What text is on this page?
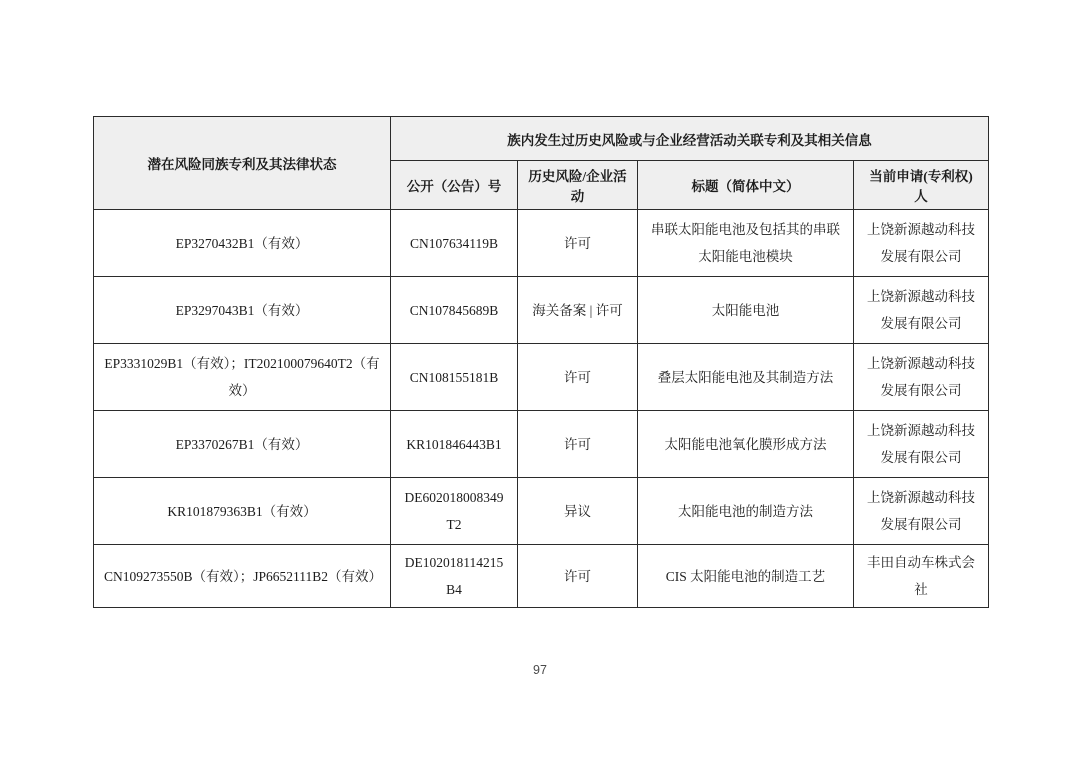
潜在风险同族专利及其法律状态	族内发生过历史风险或与企业经营活动关联专利及其相关信息			
	公开（公告）号	历史风险/企业活动	标题（简体中文）	当前申请(专利权)人
EP3270432B1（有效）	CN107634119B	许可	串联太阳能电池及包括其的串联太阳能电池模块	上饶新源越动科技发展有限公司
EP3297043B1（有效）	CN107845689B	海关备案 | 许可	太阳能电池	上饶新源越动科技发展有限公司
EP3331029B1（有效）；IT202100079640T2（有效）	CN108155181B	许可	叠层太阳能电池及其制造方法	上饶新源越动科技发展有限公司
EP3370267B1（有效）	KR101846443B1	许可	太阳能电池氧化膜形成方法	上饶新源越动科技发展有限公司
KR101879363B1（有效）	DE602018008349T2	异议	太阳能电池的制造方法	上饶新源越动科技发展有限公司
CN109273550B（有效）；JP6652111B2（有效）	DE102018114215B4	许可	CIS 太阳能电池的制造工艺	丰田自动车株式会社
97
